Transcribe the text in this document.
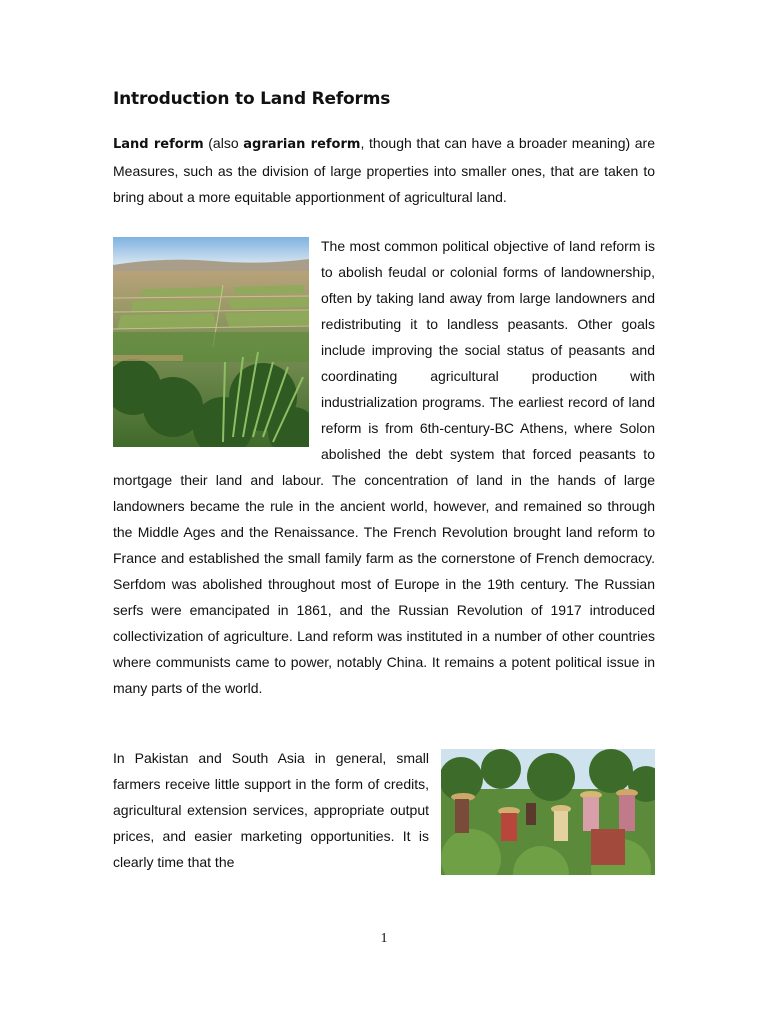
Introduction to Land Reforms

Land reform (also agrarian reform, though that can have a broader meaning) are Measures, such as the division of large properties into smaller ones, that are taken to bring about a more equitable apportionment of agricultural land.

The most common political objective of land reform is to abolish feudal or colonial forms of landownership, often by taking land away from large landowners and redistributing it to landless peasants. Other goals include improving the social status of peasants and coordinating agricultural production with industrialization programs. The earliest record of land reform is from 6th-century-BC Athens, where Solon abolished the debt system that forced peasants to mortgage their land and labour. The concentration of land in the hands of large landowners became the rule in the ancient world, however, and remained so through the Middle Ages and the Renaissance. The French Revolution brought land reform to France and established the small family farm as the cornerstone of French democracy. Serfdom was abolished throughout most of Europe in the 19th century. The Russian serfs were emancipated in 1861, and the Russian Revolution of 1917 introduced collectivization of agriculture. Land reform was instituted in a number of other countries where communists came to power, notably China. It remains a potent political issue in many parts of the world.
In Pakistan and South Asia in general, small farmers receive little support in the form of credits, agricultural extension services, appropriate output prices, and easier marketing opportunities. It is clearly time that the
1
